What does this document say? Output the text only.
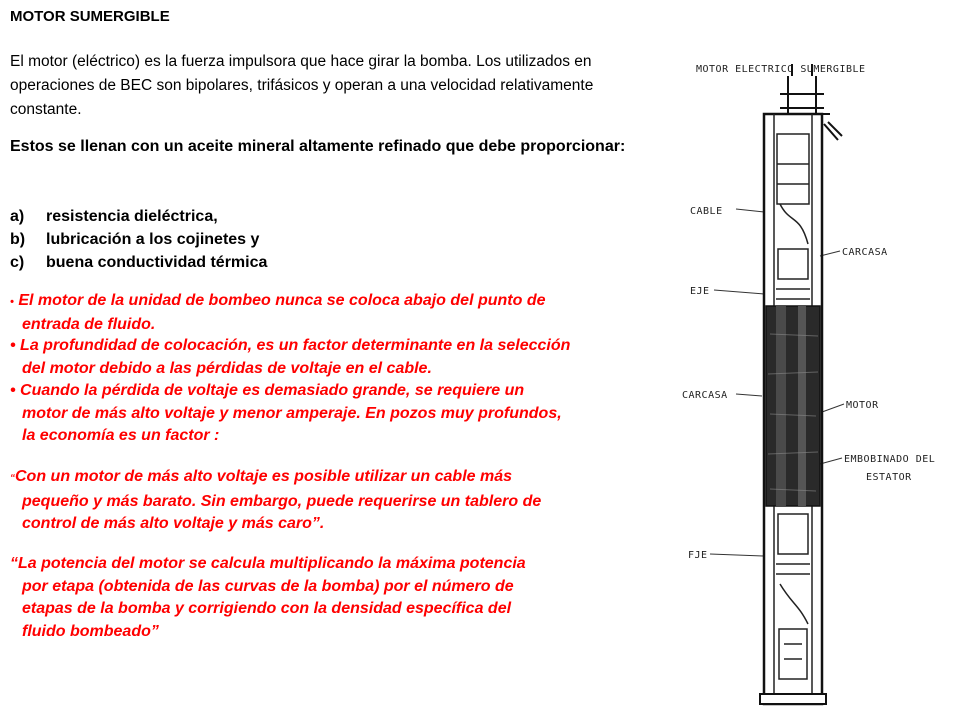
MOTOR SUMERGIBLE
El motor (eléctrico) es la fuerza impulsora que hace girar la bomba. Los utilizados en operaciones de BEC son bipolares, trifásicos y operan a una velocidad relativamente constante.
Estos se llenan con un aceite mineral altamente refinado que debe proporcionar:
a) resistencia dieléctrica,
b) lubricación a los cojinetes y
c) buena conductividad térmica
• El motor de la unidad de bombeo nunca se coloca abajo del punto de
entrada de fluido.
• La profundidad de colocación, es un factor determinante en la selección
del motor debido a las pérdidas de voltaje en el cable.
• Cuando la pérdida de voltaje es demasiado grande, se requiere un
motor de más alto voltaje y menor amperaje. En pozos muy profundos,
la economía es un factor :
“Con un motor de más alto voltaje es posible utilizar un cable más
pequeño y más barato. Sin embargo, puede requerirse un tablero de
control de más alto voltaje y más caro”.
“La potencia del motor se calcula multiplicando la máxima potencia
por etapa (obtenida de las curvas de la bomba) por el número de
etapas de la bomba y corrigiendo con la densidad específica del
fluido bombeado”
MOTOR ELECTRICO SUMERGIBLE
CABLE
CARCASA
EJE
CARCASA
MOTOR
EMBOBINADO DEL
ESTATOR
FJE
